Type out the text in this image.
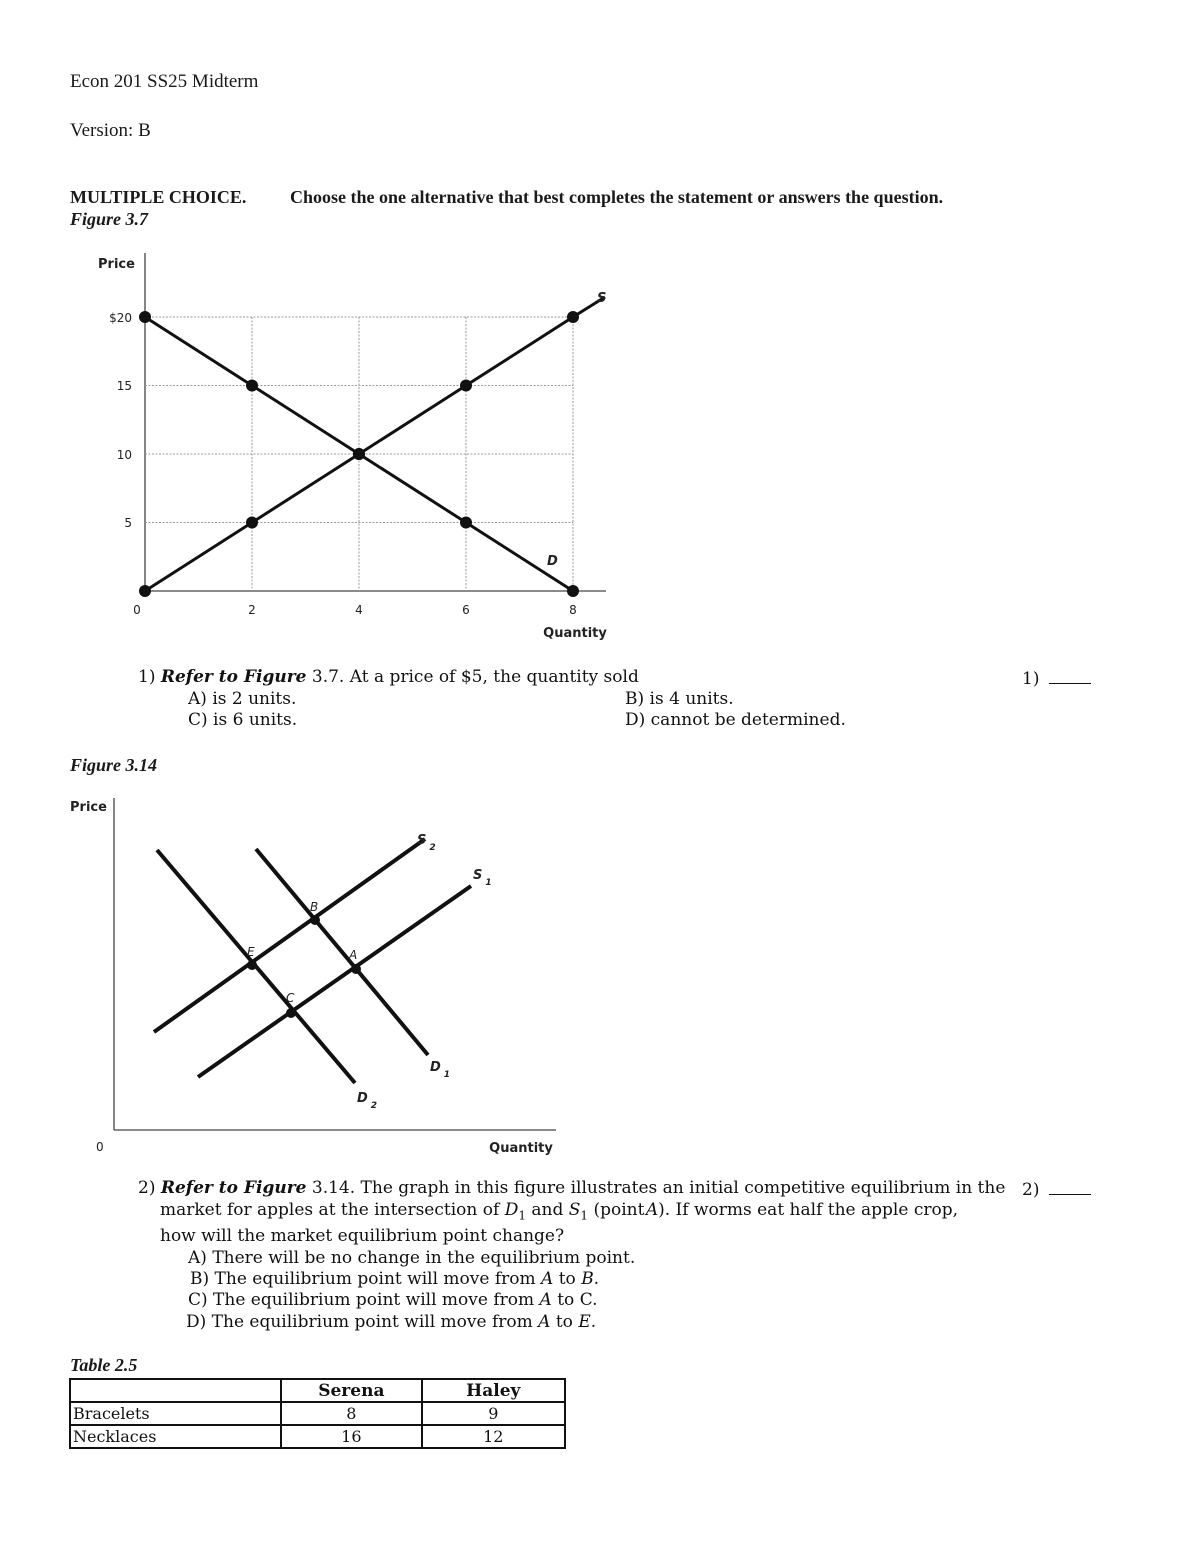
Econ 201 SS25 Midterm
Version: B
MULTIPLE CHOICE. Choose the one alternative that best completes the statement or answers the question.
Figure 3.7
Price
$20
15
10
5
0	2	4	6	8
Quantity
S
D
1) Refer to Figure 3.7. At a price of $5, the quantity sold
A) is 2 units.	B) is 4 units.
C) is 6 units.	D) cannot be determined.
1)
Figure 3.14
Price
0	Quantity
S $_2$
S $_1$
D $_1$
D $_2$
A
B
C
E
2) Refer to Figure 3.14. The graph in this figure illustrates an initial competitive equilibrium in the
market for apples at the intersection of $D_1$ and $S_1$ (point A). If worms eat half the apple crop,
how will the market equilibrium point change?
A) There will be no change in the equilibrium point.
B) The equilibrium point will move from A to B.
C) The equilibrium point will move from A to C.
D) The equilibrium point will move from A to E.
2)
Table 2.5
	Serena	Haley
Bracelets	8	9
Necklaces	16	12
